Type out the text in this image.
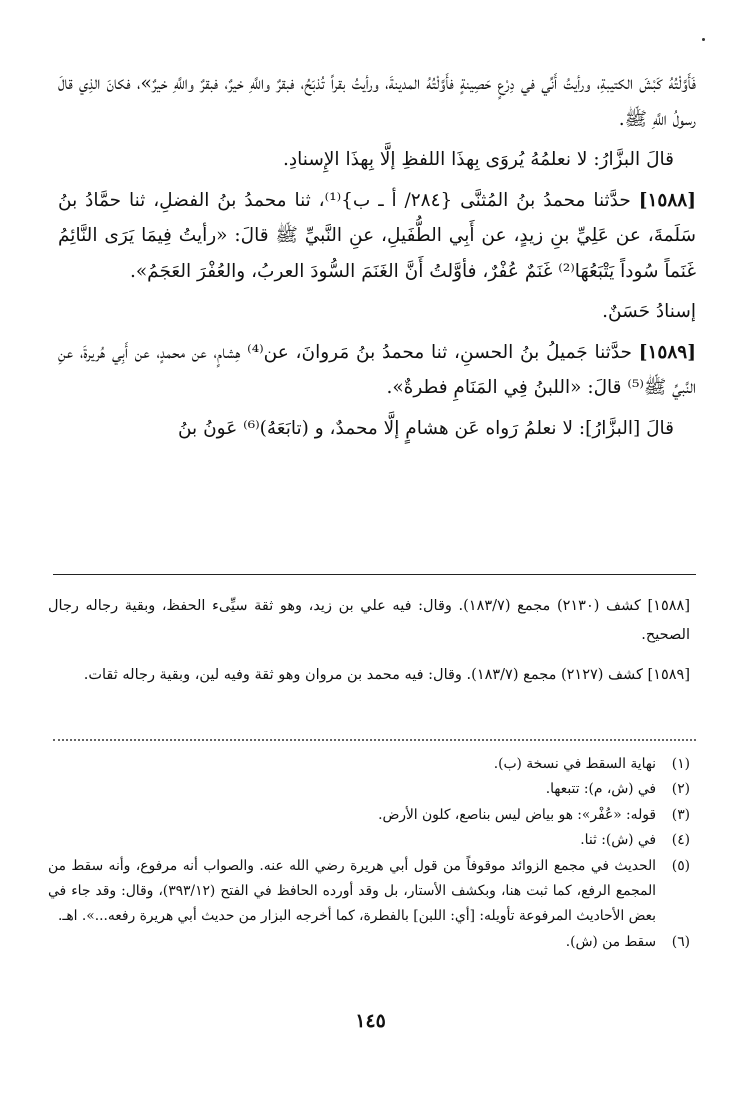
فَأَوَّلْتُهُ كَبْشَ الكتيبةِ، ورأيتُ أَنِّي في دِرْعٍ حَصِينةٍ فأَوَّلْتُهُ المدينةَ، ورأيتُ بقراً تُذبَحُ، فبقرٌ واللَّهِ خيرٌ، فبقرٌ واللَّهِ خيرٌ»، فكانَ الذِي قالَ رسولُ اللَّهِ ﷺ.

قالَ البزَّارُ: لا نعلمُهُ يُروَى بِهذَا اللفظِ إلَّا بِهذَا الإِسنادِ.

[١٥٨٨] حدَّثنا محمدُ بنُ المُثنَّى {٢٨٤/ أ ـ ب}⁽¹⁾، ثنا محمدُ بنُ الفضلِ، ثنا حمَّادُ بنُ سَلَمةَ، عن عَلِيِّ بنِ زيدٍ، عن أَبِي الطُّفَيلِ، عنِ النَّبيِّ ﷺ قالَ: «رأيتُ فِيمَا يَرَى النَّائِمُ غَنَماً سُوداً يَتْبَعُهَا⁽²⁾ غَنَمٌ عُفْرٌ، فأوَّلتُ أَنَّ الغَنَمَ السُّودَ العربُ، والعُفْرَ العَجَمُ».

إسنادُ حَسَنٌ.

[١٥٨٩] حدَّثنا جَميلُ بنُ الحسنِ، ثنا محمدُ بنُ مَروانَ، عن⁽⁴⁾ هِشامٍ، عن محمدٍ، عن أَبِي هُريرةَ، عنِ النَّبيِّ ﷺ⁽⁵⁾ قالَ: «اللبنُ فِي المَنَامِ فطرةٌ».

قالَ [البزَّارُ]: لا نعلمُ رَواه عَن هشامٍ إلَّا محمدٌ، و (تابَعَهُ)⁽⁶⁾ عَونُ بنُ

[١٥٨٨] كشف (٢١٣٠) مجمع (١٨٣/٧). وقال: فيه علي بن زيد، وهو ثقة سيِّىء الحفظ، وبقية رجاله رجال الصحيح.

[١٥٨٩] كشف (٢١٢٧) مجمع (١٨٣/٧). وقال: فيه محمد بن مروان وهو ثقة وفيه لين، وبقية رجاله ثقات.

(١)
نهاية السقط في نسخة (ب).
(٢)
في (ش، م): تتبعها.
(٣)
قوله: «عُفْر»: هو بياض ليس بناصع، كلون الأرض.
(٤)
في (ش): ثنا.
(٥)
الحديث في مجمع الزوائد موقوفاً من قول أبي هريرة رضي الله عنه. والصواب أنه مرفوع، وأنه سقط من المجمع الرفع، كما ثبت هنا، وبكشف الأستار، بل وقد أورده الحافظ في الفتح (٣٩٣/١٢)، وقال: وقد جاء في بعض الأحاديث المرفوعة تأويله: [أي: اللبن] بالفطرة، كما أخرجه البزار من حديث أبي هريرة رفعه...». اهـ.
(٦)
سقط من (ش).
١٤٥
